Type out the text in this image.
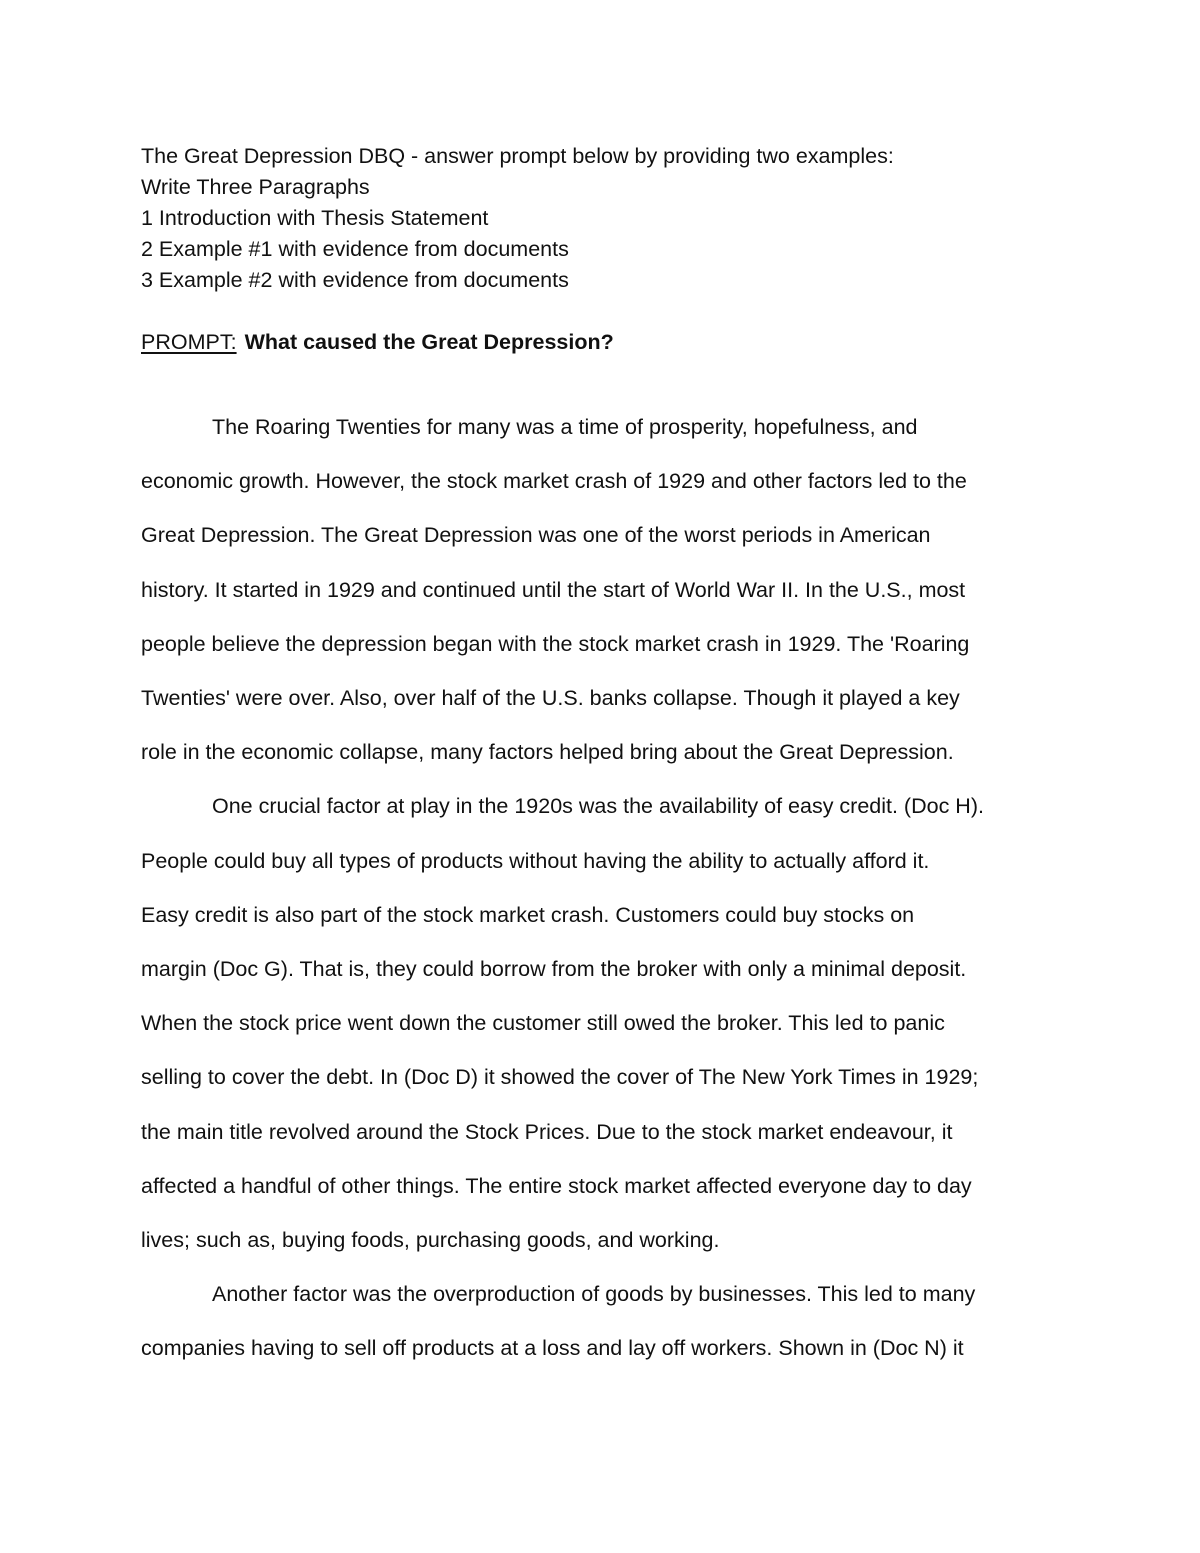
The Great Depression DBQ - answer prompt below by providing two examples:
Write Three Paragraphs
1 Introduction with Thesis Statement
2 Example #1 with evidence from documents
3 Example #2 with evidence from documents
PROMPT: What caused the Great Depression?
The Roaring Twenties for many was a time of prosperity, hopefulness, and
economic growth. However, the stock market crash of 1929 and other factors led to the
Great Depression. The Great Depression was one of the worst periods in American
history. It started in 1929 and continued until the start of World War II. In the U.S., most
people believe the depression began with the stock market crash in 1929. The 'Roaring
Twenties' were over. Also, over half of the U.S. banks collapse. Though it played a key
role in the economic collapse, many factors helped bring about the Great Depression.
One crucial factor at play in the 1920s was the availability of easy credit. (Doc H).
People could buy all types of products without having the ability to actually afford it.
Easy credit is also part of the stock market crash. Customers could buy stocks on
margin (Doc G). That is, they could borrow from the broker with only a minimal deposit.
When the stock price went down the customer still owed the broker. This led to panic
selling to cover the debt. In (Doc D) it showed the cover of The New York Times in 1929;
the main title revolved around the Stock Prices. Due to the stock market endeavour, it
affected a handful of other things. The entire stock market affected everyone day to day
lives; such as, buying foods, purchasing goods, and working.
Another factor was the overproduction of goods by businesses. This led to many
companies having to sell off products at a loss and lay off workers. Shown in (Doc N) it
